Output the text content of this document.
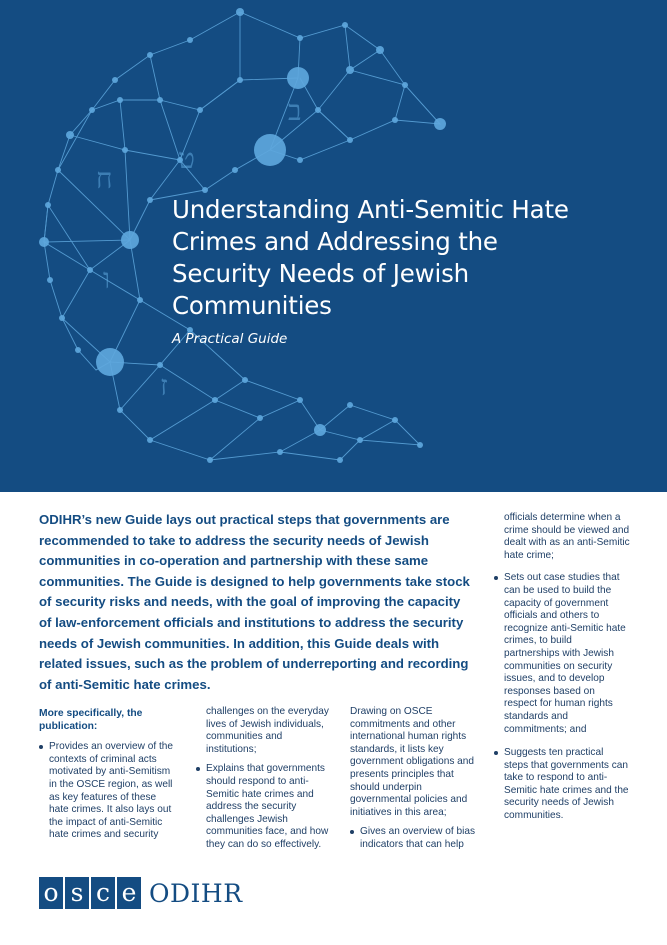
ב
ט
ח
ו
ז
Understanding Anti-Semitic Hate Crimes and Addressing the Security Needs of Jewish Communities
A Practical Guide
ODIHR’s new Guide lays out practical steps that governments are recommended to take to address the security needs of Jewish communities in co-operation and partnership with these same communities. The Guide is designed to help governments take stock of security risks and needs, with the goal of improving the capacity of law-enforcement officials and institutions to address the security needs of Jewish communities. In addition, this Guide deals with related issues, such as the problem of underreporting and recording of anti-Semitic hate crimes.

More specifically, the publication:

Provides an overview of the contexts of criminal acts motivated by anti-Semitism in the OSCE region, as well as key features of these hate crimes. It also lays out the impact of anti-Semitic hate crimes and security

challenges on the everyday lives of Jewish individuals, communities and institutions;

Explains that governments should respond to anti-Semitic hate crimes and address the security challenges Jewish communities face, and how they can do so effectively.

Drawing on OSCE commitments and other international human rights standards, it lists key government obligations and presents principles that should underpin governmental policies and initiatives in this area;

Gives an overview of bias indicators that can help

officials determine when a crime should be viewed and dealt with as an anti-Semitic hate crime;

Sets out case studies that can be used to build the capacity of government officials and others to recognize anti-Semitic hate crimes, to build partnerships with Jewish communities on security issues, and to develop responses based on respect for human rights standards and commitments; and
Suggests ten practical steps that governments can take to respond to anti-Semitic hate crimes and the security needs of Jewish communities.
o s c e ODIHR
